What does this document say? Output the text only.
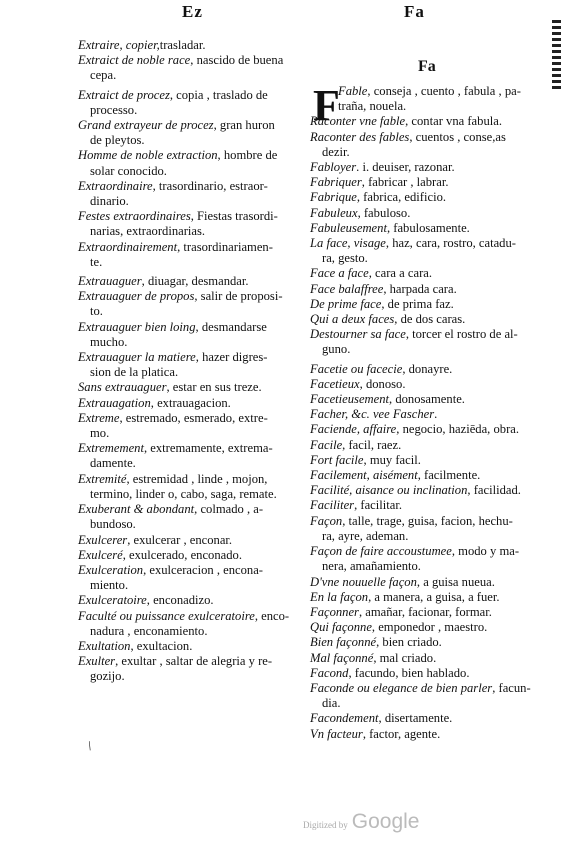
Ez	Fa
Fa
Extraire, copier, trasladar.
Extraict de noble race , nascido de buena
cepa.
Extraict de procez , copia , traslado de
processo.
Grand extrayeur de procez , gran huron
de pleytos.
Homme de noble extraction , hombre de
solar conocido.
Extraordinaire , trasordinario, estraor-
dinario.
Festes extraordinaires , Fiestas trasordi-
narias, extraordinarias.
Extraordinairement , trasordinariamen-
te.
Extrauaguer , diuagar, desmandar.
Extrauaguer de propos , salir de proposi-
to.
Extrauaguer bien loing , desmandarse
mucho.
Extrauaguer la matiere , hazer digres-
sion de la platica.
Sans extrauaguer , estar en sus treze.
Extrauagation , extrauagacion.
Extreme , estremado, esmerado, extre-
mo.
Extremement , extremamente, extrema-
damente.
Extremité , estremidad , linde , mojon,
termino, linder o, cabo, saga, remate.
Exuberant & abondant , colmado , a-
bundoso.
Exulcerer , exulcerar , enconar.
Exulceré , exulcerado, enconado.
Exulceration , exulceracion , encona-
miento.
Exulceratoire , enconadizo.
Faculté ou puissance exulceratoire , enco-
nadura , enconamiento.
Exultation , exultacion.
Exulter , exultar , saltar de alegria y re-
gozijo.
F
Fable , conseja , cuento , fabula , pa-
traña, nouela.
Raconter vne fable , contar vna fabula.
Raconter des fables , cuentos , conse,as
dezir.
Fabloyer . i. deuiser, razonar.
Fabriquer , fabricar , labrar.
Fabrique , fabrica, edificio.
Fabuleux , fabuloso.
Fabuleusement , fabulosamente.
La face, visage , haz, cara, rostro, catadu-
ra, gesto.
Face a face , cara a cara.
Face balaffree , harpada cara.
De prime face , de prima faz.
Qui a deux faces , de dos caras.
Destourner sa face , torcer el rostro de al-
guno.
Facetie ou facecie , donayre.
Facetieux , donoso.
Facetieusement , donosamente.
Facher, &c. vee Fascher .
Faciende, affaire , negocio, haziēda, obra.
Facile , facil, raez.
Fort facile , muy facil.
Facilement, aisément , facilmente.
Facilité, aisance ou inclination , facilidad.
Faciliter , facilitar.
Façon , talle, trage, guisa, facion, hechu-
ra, ayre, ademan.
Façon de faire accoustumee , modo y ma-
nera, amañamiento.
D'vne nouuelle façon , a guisa nueua.
En la façon , a manera, a guisa, a fuer.
Façonner , amañar, facionar, formar.
Qui façonne , emponedor , maestro.
Bien façonné , bien criado.
Mal façonné , mal criado.
Facond , facundo, bien hablado.
Faconde ou elegance de bien parler , facun-
dia.
Facondement , disertamente.
Vn facteur , factor, agente.
/
Digitized by Google
